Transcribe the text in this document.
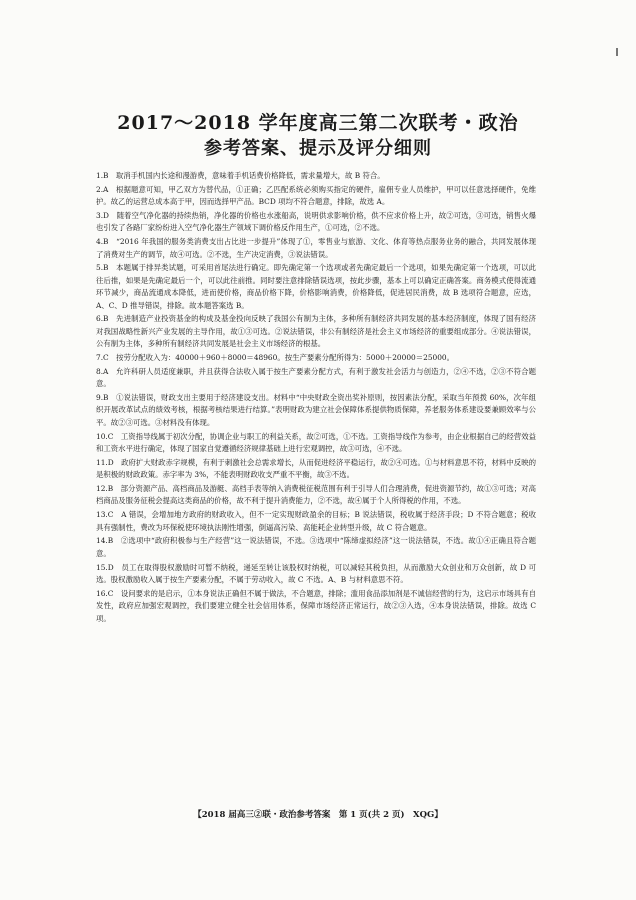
2017～2018 学年度高三第二次联考・政治
参考答案、提示及评分细则

1.B　取消手机国内长途和漫游费，意味着手机话费价格降低，需求量增大，故 B 符合。

2.A　根据题意可知，甲乙双方为替代品，①正确；乙匹配系统必须购买指定的硬件，雇佣专业人员维护，甲可以任意选择硬件，免维护。故乙的运营总成本高于甲，因而选择甲产品。BCD 项均不符合题意，排除，故选 A。

3.D　随着空气净化器的持续热销，净化器的价格也水涨船高，说明供求影响价格，供不应求价格上升，故②可选，③可选，销售火爆也引发了各路厂家纷纷进入空气净化器生产领域下调价格反作用生产，①可选，②不选。

4.B　“2016 年我国的服务类消费支出占比进一步提升”体现了①，零售业与旅游、文化、体育等热点服务业务的融合，共同发展体现了消费对生产的调节，故④可选。②不选，生产决定消费，③说法错误。

5.B　本题属于排异类试题，可采用首尾法进行确定。即先确定第一个选项或者先确定最后一个选项，如果先确定第一个选项，可以此往后推，如果是先确定最后一个，可以此往前推。同时要注意排除错误选项，按此步骤，基本上可以确定正确答案。商务模式使得流通环节减少，商品流通成本降低，进而使价格，商品价格下降，价格影响消费，价格降低，促进居民消费，故 B 选项符合题意，应选，A、C、D 推导错误，排除。故本题答案选 B。

6.B　先进制造产业投资基金的构成及基金投向反映了我国公有制为主体，多种所有制经济共同发展的基本经济制度，体现了国有经济对我国战略性新兴产业发展的主导作用，故①③可选。②说法错误，非公有制经济是社会主义市场经济的重要组成部分。④说法错误，公有制为主体，多种所有制经济共同发展是社会主义市场经济的根基。

7.C　按劳分配收入为：40000＋960＋8000＝48960。按生产要素分配所得为：5000＋20000＝25000。

8.A　允许科研人员适度兼职，并且获得合法收入属于按生产要素分配方式，有利于激发社会活力与创造力，②④不选，②③不符合题意。

9.B　①说法错误，财政支出主要用于经济建设支出。材料中“中央财政全资出奖补原则，按因素法分配，采取当年预拨 60%，次年组织开展改革试点的绩效考核，根据考核结果进行结算。”表明财政为建立社会保障体系提供物质保障，养老服务体系建设要兼顾效率与公平。故②③可选。③材料没有体现。

10.C　工资指导线属于初次分配，协调企业与职工的利益关系，故②可选，①不选。工资指导线作为参考，由企业根据自己的经营效益和工资水平进行确定，体现了国家自觉遵循经济规律基础上进行宏观调控，故③可选，④不选。

11.D　政府扩大财政赤字规模，有利于刺激社会总需求增长，从而促进经济平稳运行，故②④可选。①与材料意思不符，材料中反映的是积极的财政政策。赤字率为 3%，不能表明财政收支严重不平衡，故③不选。

12.B　部分资源产品、高档商品及游艇、高档手表等纳入消费税征税范围有利于引导人们合理消费，促进资源节约，故①③可选；对高档商品及服务征税会提高这类商品的价格，故不利于提升消费能力，②不选，故④属于个人所得税的作用，不选。

13.C　A 错误，会增加地方政府的财政收入，但不一定实现财政盈余的目标；B 说法错误，税收属于经济手段；D 不符合题意；税收具有强制性，费改为环保税使环境执法刚性增强，倒逼高污染、高能耗企业转型升级，故 C 符合题意。

14.B　②选项中“政府积极参与生产经营”这一说法错误，不选。③选项中“陈缔虚拟经济”这一说法错误，不选。故①④正确且符合题意。

15.D　员工在取得股权激励时可暂不纳税，递延至转让该股权时纳税，可以减轻其税负担，从而激励大众创业和万众创新，故 D 可选。股权激励收入属于按生产要素分配，不属于劳动收入，故 C 不选。A、B 与材料意思不符。

16.C　设问要求的是启示，①本身说法正确但不属于做法，不合题意，排除；滥用食品添加剂是不诚信经营的行为，这启示市场具有自发性，政府应加强宏观调控，我们要建立健全社会信用体系，保障市场经济正常运行，故②③入选，④本身说法错误，排除。故选 C 项。

【2018 届高三②联・政治参考答案　第 1 页(共 2 页)　XQG】
